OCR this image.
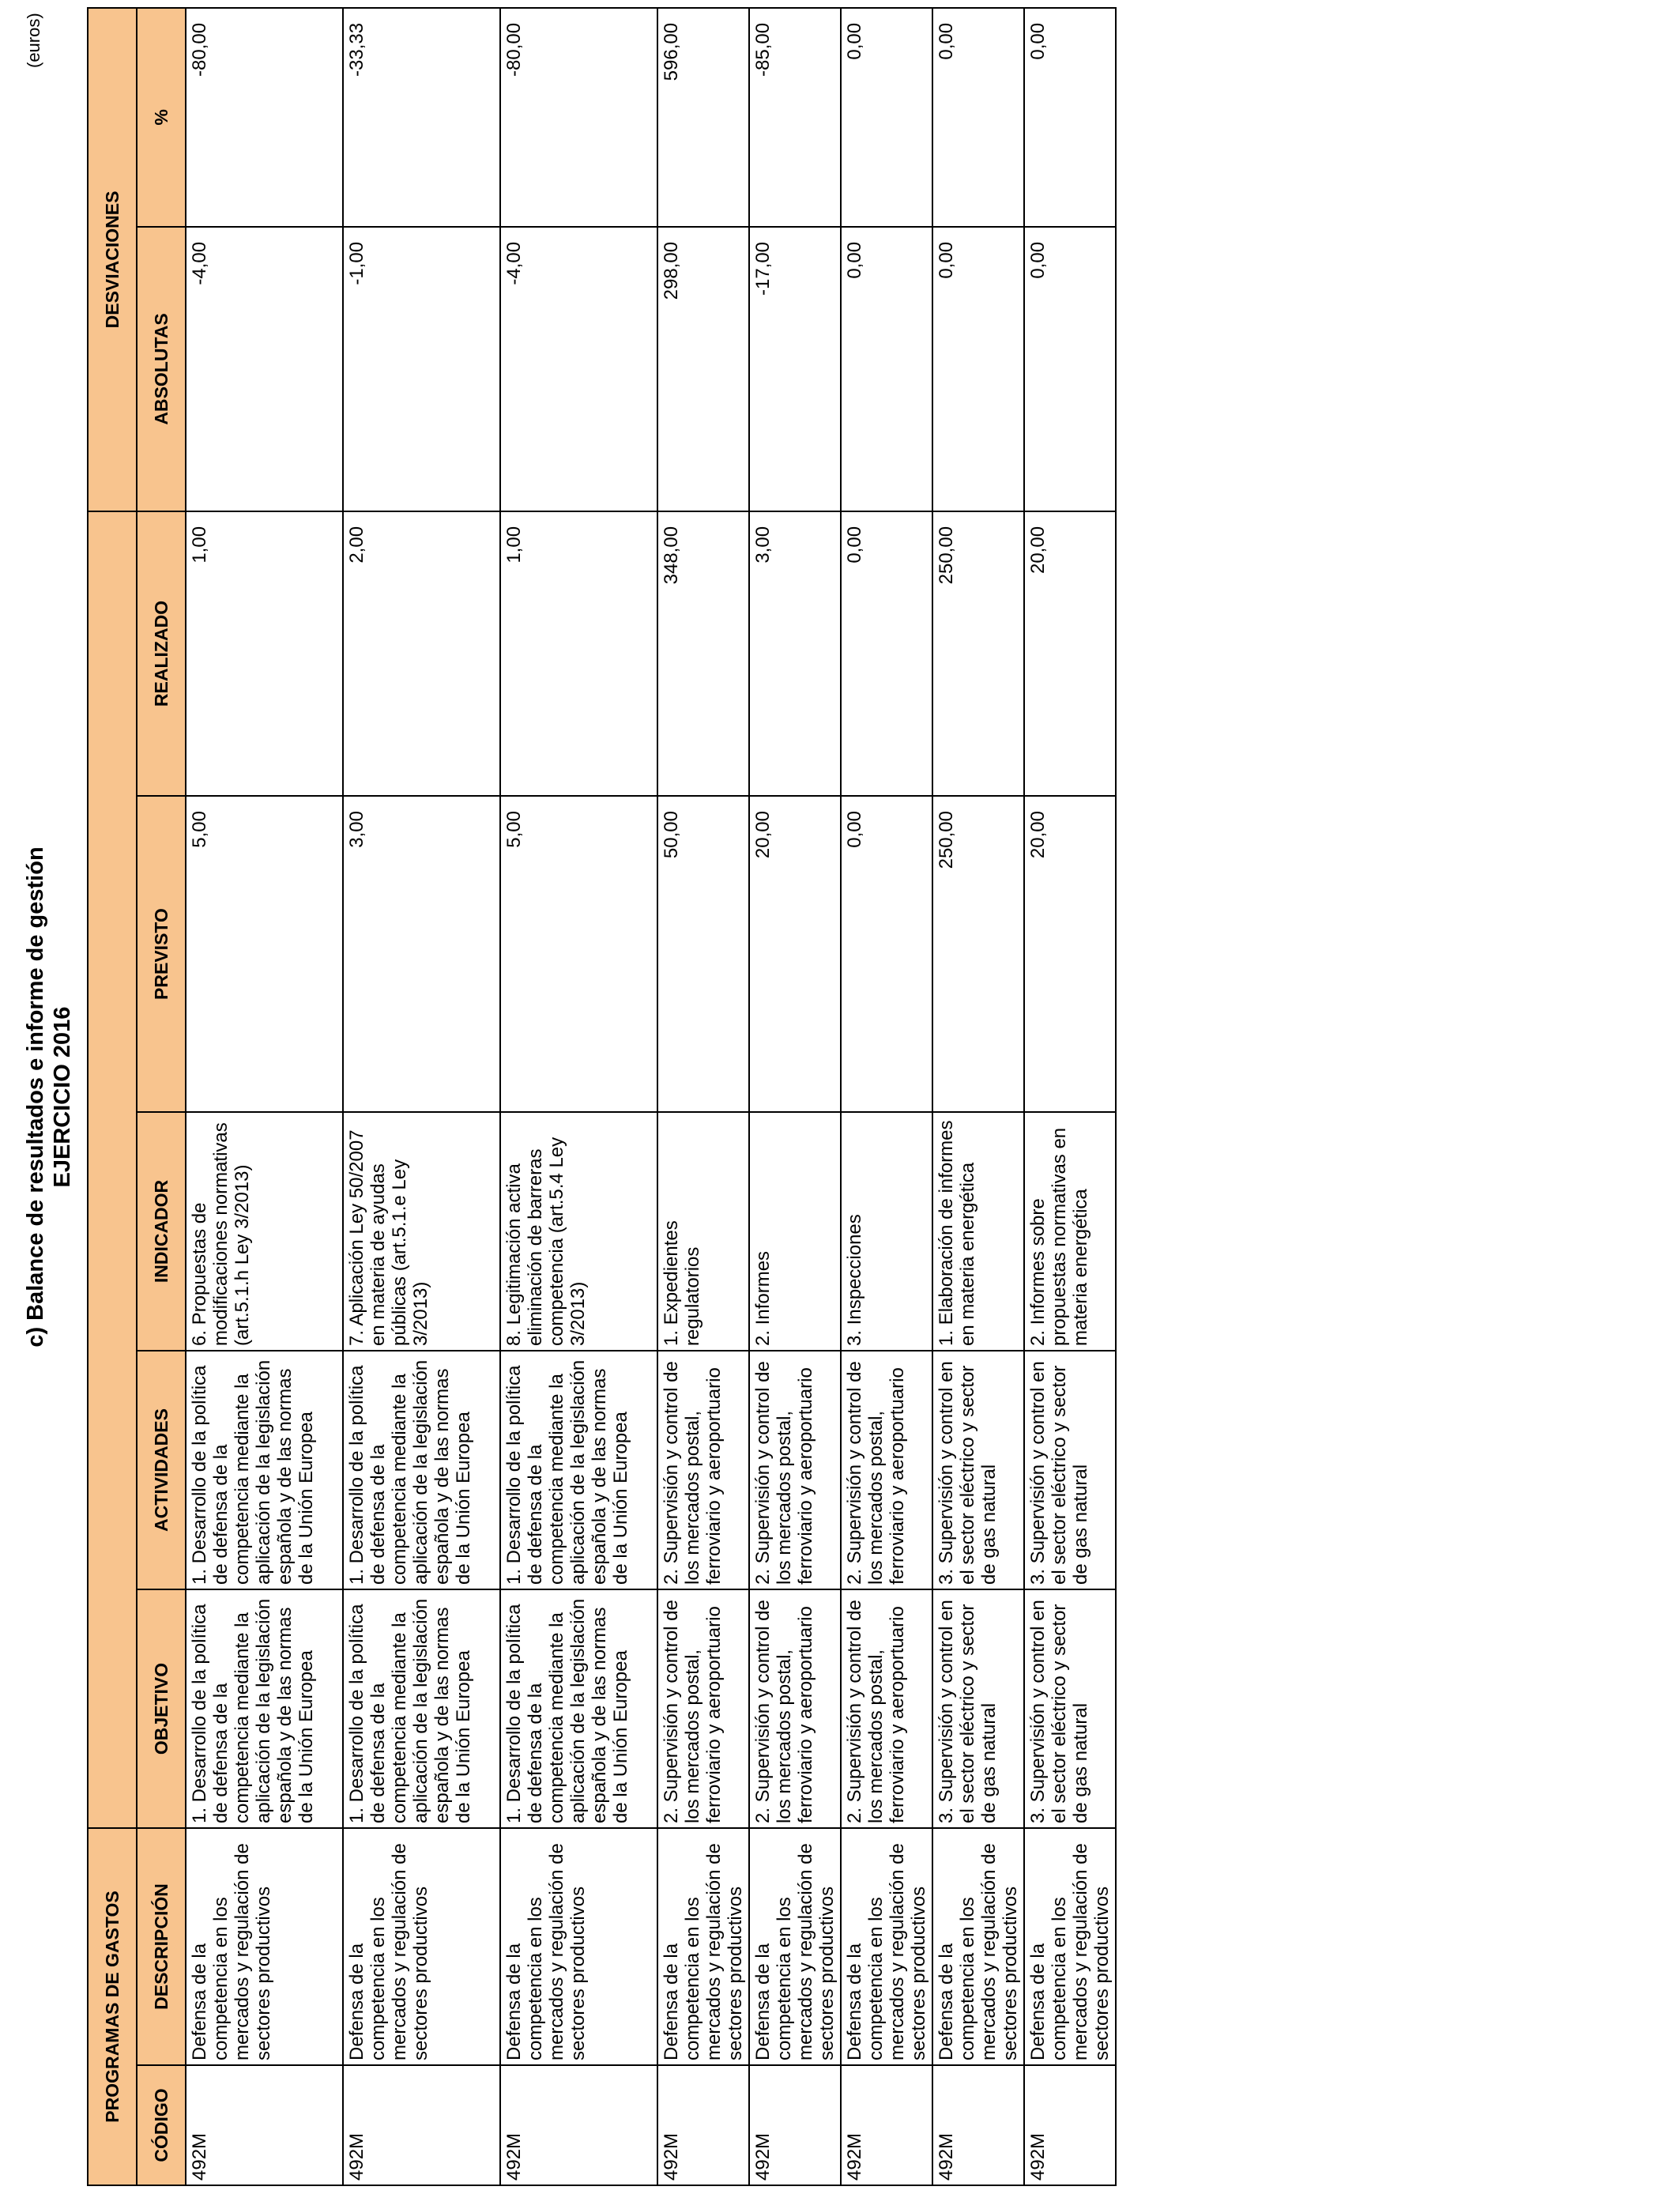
c) Balance de resultados e informe de gestión EJERCICIO 2016
(euros)
PROGRAMAS DE GASTOS							DESVIACIONES	
CÓDIGO	DESCRIPCIÓN	OBJETIVO	ACTIVIDADES	INDICADOR	PREVISTO	REALIZADO	ABSOLUTAS	%
492M	Defensa de la competencia en los mercados y regulación de sectores productivos	1. Desarrollo de la política de defensa de la competencia mediante la aplicación de la legislación española y de las normas de la Unión Europea	1. Desarrollo de la política de defensa de la competencia mediante la aplicación de la legislación española y de las normas de la Unión Europea	6. Propuestas de modificaciones normativas (art.5.1.h Ley 3/2013)	5,00	1,00	-4,00	-80,00
492M	Defensa de la competencia en los mercados y regulación de sectores productivos	1. Desarrollo de la política de defensa de la competencia mediante la aplicación de la legislación española y de las normas de la Unión Europea	1. Desarrollo de la política de defensa de la competencia mediante la aplicación de la legislación española y de las normas de la Unión Europea	7. Aplicación Ley 50/2007 en materia de ayudas públicas (art.5.1.e Ley 3/2013)	3,00	2,00	-1,00	-33,33
492M	Defensa de la competencia en los mercados y regulación de sectores productivos	1. Desarrollo de la política de defensa de la competencia mediante la aplicación de la legislación española y de las normas de la Unión Europea	1. Desarrollo de la política de defensa de la competencia mediante la aplicación de la legislación española y de las normas de la Unión Europea	8. Legitimación activa eliminación de barreras competencia (art.5.4 Ley 3/2013)	5,00	1,00	-4,00	-80,00
492M	Defensa de la competencia en los mercados y regulación de sectores productivos	2. Supervisión y control de los mercados postal, ferroviario y aeroportuario	2. Supervisión y control de los mercados postal, ferroviario y aeroportuario	1. Expedientes regulatorios	50,00	348,00	298,00	596,00
492M	Defensa de la competencia en los mercados y regulación de sectores productivos	2. Supervisión y control de los mercados postal, ferroviario y aeroportuario	2. Supervisión y control de los mercados postal, ferroviario y aeroportuario	2. Informes	20,00	3,00	-17,00	-85,00
492M	Defensa de la competencia en los mercados y regulación de sectores productivos	2. Supervisión y control de los mercados postal, ferroviario y aeroportuario	2. Supervisión y control de los mercados postal, ferroviario y aeroportuario	3. Inspecciones	0,00	0,00	0,00	0,00
492M	Defensa de la competencia en los mercados y regulación de sectores productivos	3. Supervisión y control en el sector eléctrico y sector de gas natural	3. Supervisión y control en el sector eléctrico y sector de gas natural	1. Elaboración de informes en materia energética	250,00	250,00	0,00	0,00
492M	Defensa de la competencia en los mercados y regulación de sectores productivos	3. Supervisión y control en el sector eléctrico y sector de gas natural	3. Supervisión y control en el sector eléctrico y sector de gas natural	2. Informes sobre propuestas normativas en materia energética	20,00	20,00	0,00	0,00
